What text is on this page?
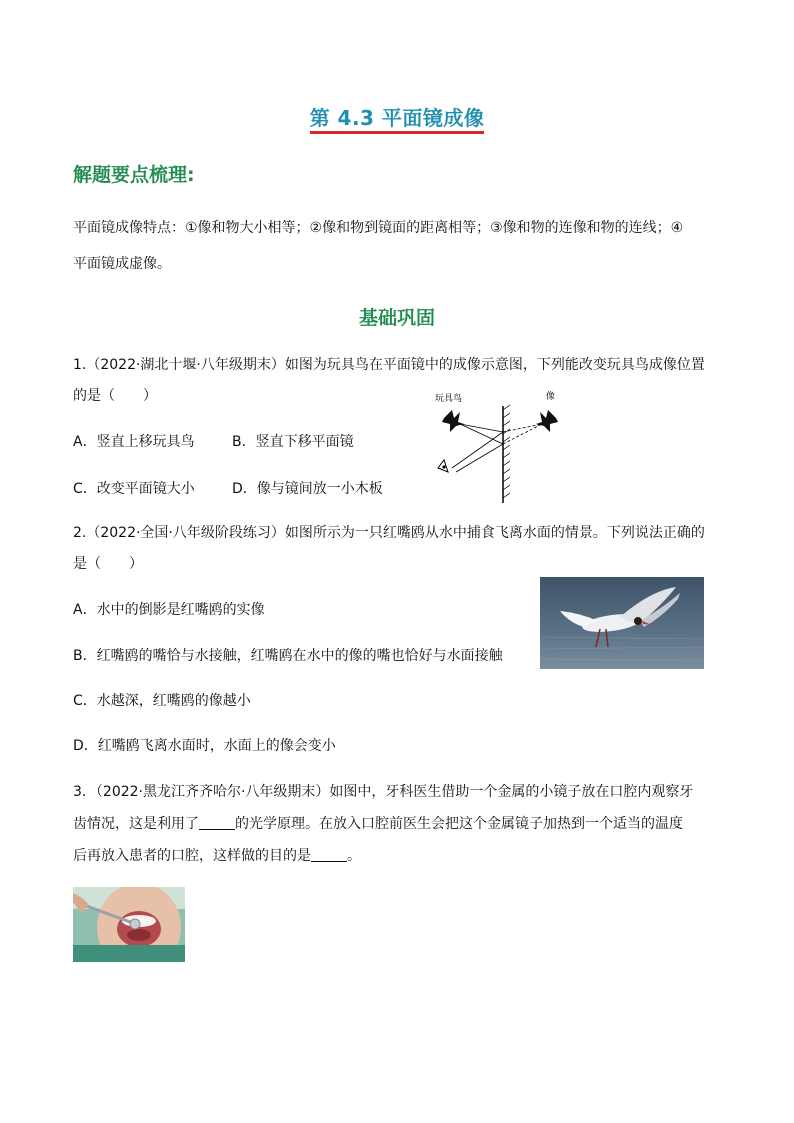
第 4.3 平面镜成像
解题要点梳理:
平面镜成像特点：①像和物大小相等；②像和物到镜面的距离相等；③像和物的连像和物的连线；④
平面镜成虚像。
基础巩固
1.（2022·湖北十堰·八年级期末）如图为玩具鸟在平面镜中的成像示意图，下列能改变玩具鸟成像位置
的是（　　）
A．竖直上移玩具鸟	B．竖直下移平面镜
C．改变平面镜大小	D．像与镜间放一小木板
玩具鸟	像
2.（2022·全国·八年级阶段练习）如图所示为一只红嘴鸥从水中捕食飞离水面的情景。下列说法正确的
是（　　）
A．水中的倒影是红嘴鸥的实像
B．红嘴鸥的嘴恰与水接触，红嘴鸥在水中的像的嘴也恰好与水面接触
C．水越深，红嘴鸥的像越小
D．红嘴鸥飞离水面时，水面上的像会变小
3．（2022·黑龙江齐齐哈尔·八年级期末）如图中，牙科医生借助一个金属的小镜子放在口腔内观察牙
齿情况，这是利用了	的光学原理。在放入口腔前医生会把这个金属镜子加热到一个适当的温度
后再放入患者的口腔，这样做的目的是	。
